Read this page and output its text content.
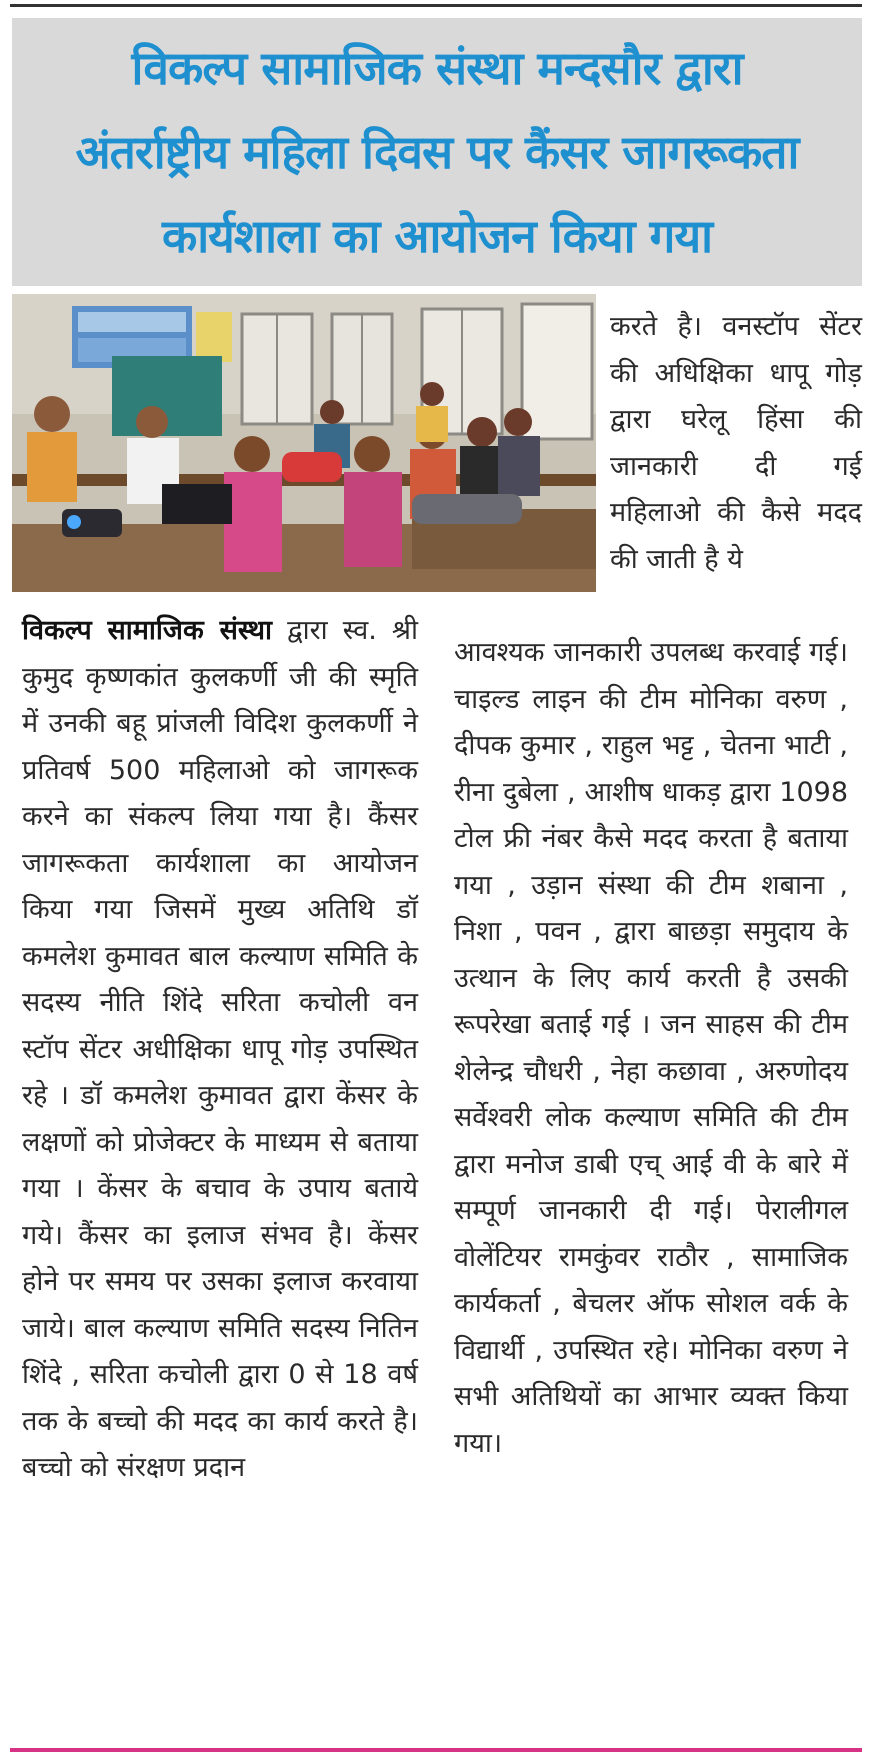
विकल्प सामाजिक संस्था मन्दसौर द्वारा
अंतर्राष्ट्रीय महिला दिवस पर कैंसर जागरूकता
कार्यशाला का आयोजन किया गया

करते है। वनस्टॉप सेंटर की अधिक्षिका धापू गोड़ द्वारा घरेलू हिंसा की जानकारी दी गई महिलाओ की कैसे मदद की जाती है ये

विकल्प सामाजिक संस्था द्वारा स्व. श्री कुमुद कृष्णकांत कुलकर्णी जी की स्मृति में उनकी बहू प्रांजली विदिश कुलकर्णी ने प्रतिवर्ष 500 महिलाओ को जागरूक करने का संकल्प लिया गया है। कैंसर जागरूकता कार्यशाला का आयोजन किया गया जिसमें मुख्य अतिथि डॉ कमलेश कुमावत बाल कल्याण समिति के सदस्य नीति शिंदे सरिता कचोली वन स्टॉप सेंटर अधीक्षिका धापू गोड़ उपस्थित रहे । डॉ कमलेश कुमावत द्वारा केंसर के लक्षणों को प्रोजेक्टर के माध्यम से बताया गया । केंसर के बचाव के उपाय बताये गये। कैंसर का इलाज संभव है। केंसर होने पर समय पर उसका इलाज करवाया जाये। बाल कल्याण समिति सदस्य नितिन शिंदे , सरिता कचोली द्वारा 0 से 18 वर्ष तक के बच्चो की मदद का कार्य करते है। बच्चो को संरक्षण प्रदान

आवश्यक जानकारी उपलब्ध करवाई गई। चाइल्ड लाइन की टीम मोनिका वरुण , दीपक कुमार , राहुल भट्ट , चेतना भाटी , रीना दुबेला , आशीष धाकड़ द्वारा 1098 टोल फ्री नंबर कैसे मदद करता है बताया गया , उड़ान संस्था की टीम शबाना , निशा , पवन , द्वारा बाछड़ा समुदाय के उत्थान के लिए कार्य करती है उसकी रूपरेखा बताई गई । जन साहस की टीम शेलेन्द्र चौधरी , नेहा कछावा , अरुणोदय सर्वेश्वरी लोक कल्याण समिति की टीम द्वारा मनोज डाबी एच् आई वी के बारे में सम्पूर्ण जानकारी दी गई। पेरालीगल वोलेंटियर रामकुंवर राठौर , सामाजिक कार्यकर्ता , बेचलर ऑफ सोशल वर्क के विद्यार्थी , उपस्थित रहे। मोनिका वरुण ने सभी अतिथियों का आभार व्यक्त किया गया।
